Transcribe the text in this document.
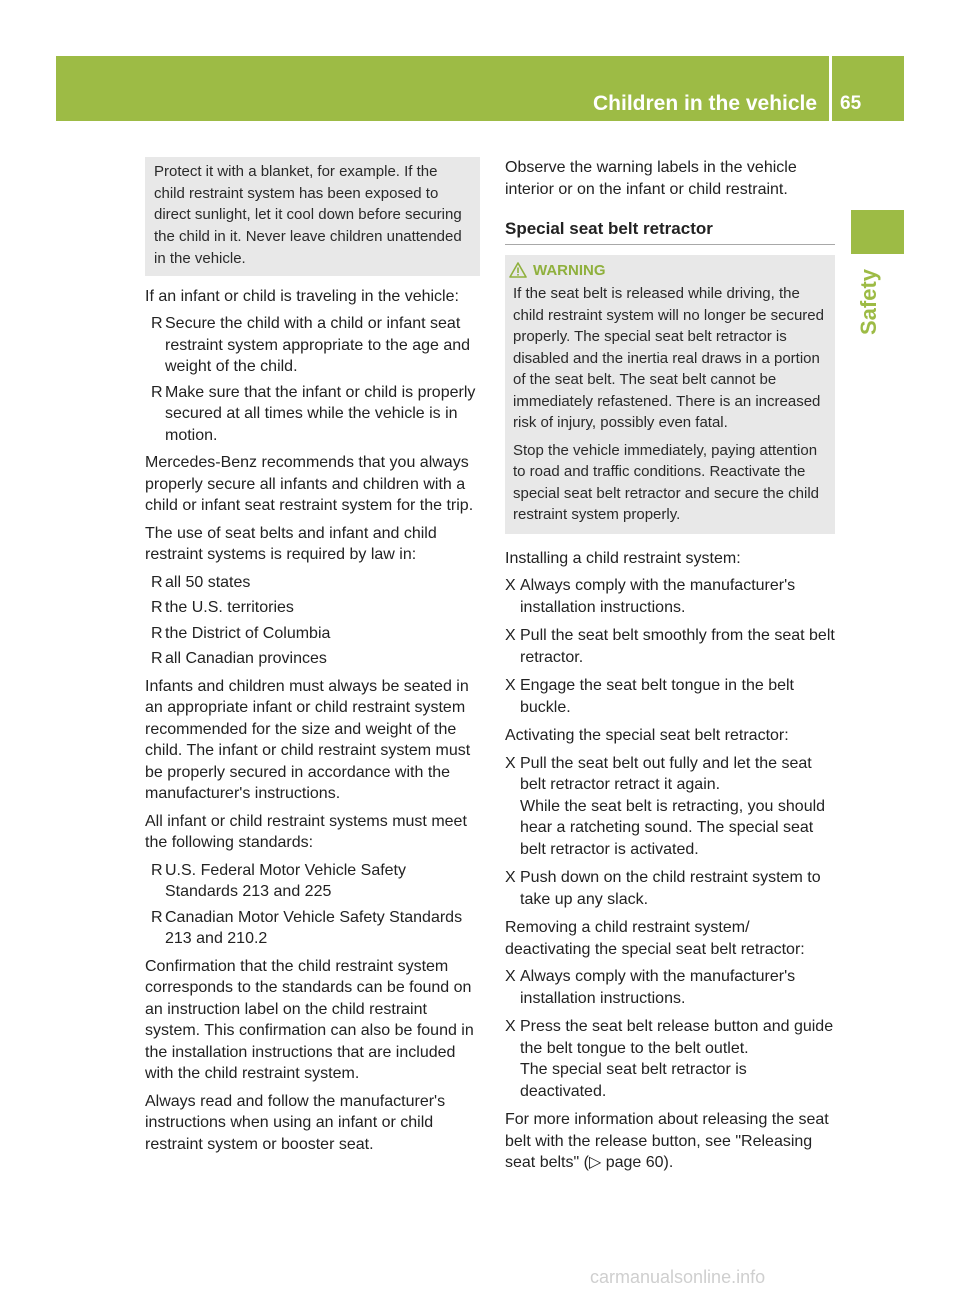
Children in the vehicle 65
Safety
Protect it with a blanket, for example. If the child restraint system has been exposed to direct sunlight, let it cool down before securing the child in it. Never leave children unattended in the vehicle.

If an infant or child is traveling in the vehicle:

R Secure the child with a child or infant seat restraint system appropriate to the age and weight of the child.
R Make sure that the infant or child is properly secured at all times while the vehicle is in motion.

Mercedes-Benz recommends that you always properly secure all infants and children with a child or infant seat restraint system for the trip.

The use of seat belts and infant and child restraint systems is required by law in:

R all 50 states
R the U.S. territories
R the District of Columbia
R all Canadian provinces

Infants and children must always be seated in an appropriate infant or child restraint system recommended for the size and weight of the child. The infant or child restraint system must be properly secured in accordance with the manufacturer's instructions.

All infant or child restraint systems must meet the following standards:

R U.S. Federal Motor Vehicle Safety Standards 213 and 225
R Canadian Motor Vehicle Safety Standards 213 and 210.2

Confirmation that the child restraint system corresponds to the standards can be found on an instruction label on the child restraint system. This confirmation can also be found in the installation instructions that are included with the child restraint system.

Always read and follow the manufacturer's instructions when using an infant or child restraint system or booster seat.

Observe the warning labels in the vehicle interior or on the infant or child restraint.

Special seat belt retractor
WARNING

If the seat belt is released while driving, the child restraint system will no longer be secured properly. The special seat belt retractor is disabled and the inertia real draws in a portion of the seat belt. The seat belt cannot be immediately refastened. There is an increased risk of injury, possibly even fatal.

Stop the vehicle immediately, paying attention to road and traffic conditions. Reactivate the special seat belt retractor and secure the child restraint system properly.

Installing a child restraint system:

X Always comply with the manufacturer's installation instructions.
X Pull the seat belt smoothly from the seat belt retractor.
X Engage the seat belt tongue in the belt buckle.

Activating the special seat belt retractor:

X Pull the seat belt out fully and let the seat belt retractor retract it again.
While the seat belt is retracting, you should hear a ratcheting sound. The special seat belt retractor is activated.
X Push down on the child restraint system to take up any slack.

Removing a child restraint system/ deactivating the special seat belt retractor:

X Always comply with the manufacturer's installation instructions.
X Press the seat belt release button and guide the belt tongue to the belt outlet.
The special seat belt retractor is deactivated.

For more information about releasing the seat belt with the release button, see "Releasing seat belts" (▷ page 60).

carmanualsonline.info
